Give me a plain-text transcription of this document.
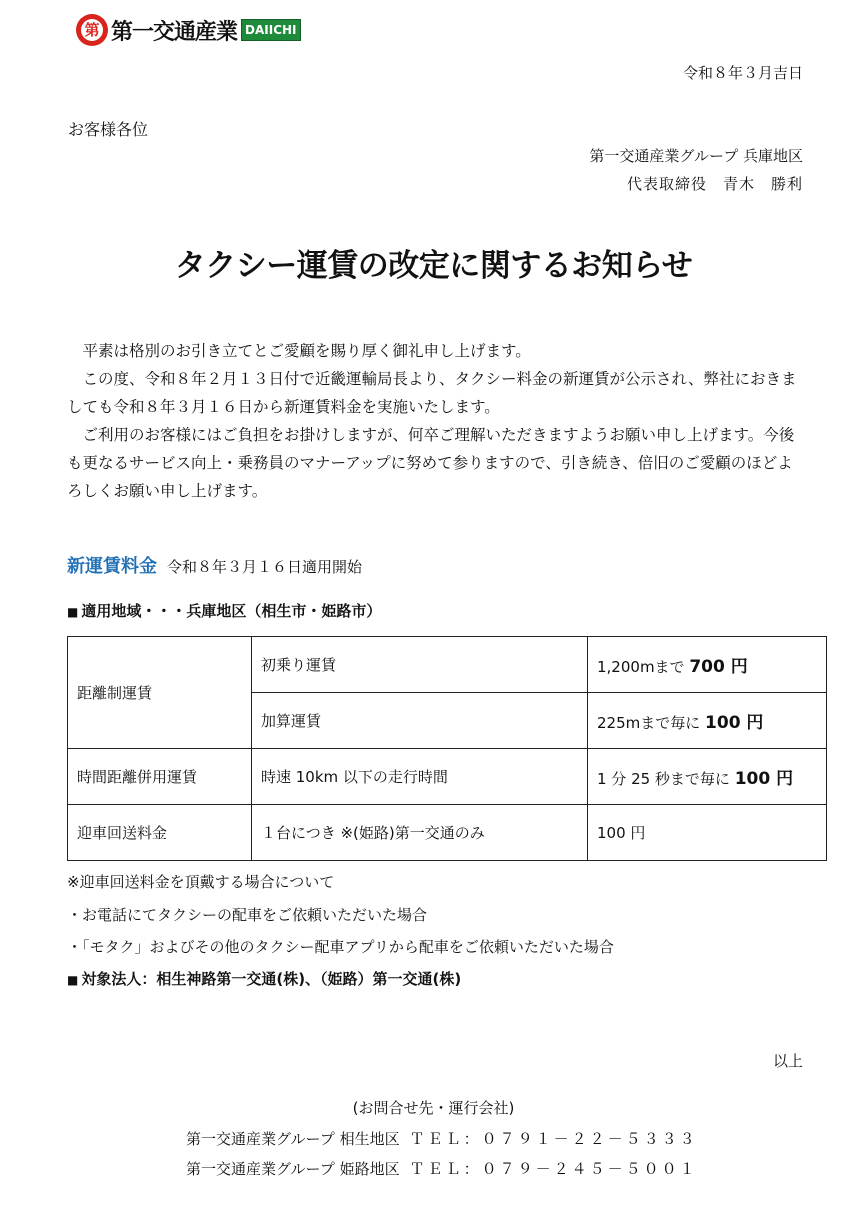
第 第一交通産業 DAIICHI
令和８年３月吉日
お客様各位
第一交通産業グループ 兵庫地区
代表取締役　青木　勝利
タクシー運賃の改定に関するお知らせ

　平素は格別のお引き立てとご愛顧を賜り厚く御礼申し上げます。

　この度、令和８年２月１３日付で近畿運輸局長より、タクシー料金の新運賃が公示され、弊社におきましても令和８年３月１６日から新運賃料金を実施いたします。

　ご利用のお客様にはご負担をお掛けしますが、何卒ご理解いただきますようお願い申し上げます。今後も更なるサービス向上・乗務員のマナーアップに努めて参りますので、引き続き、倍旧のご愛顧のほどよろしくお願い申し上げます。

新運賃料金 令和８年３月１６日適用開始
■ 適用地域・・・兵庫地区（相生市・姫路市）
距離制運賃	初乗り運賃	1,200mまで 700 円
	加算運賃	225mまで毎に 100 円
時間距離併用運賃	時速 10km 以下の走行時間	1 分 25 秒まで毎に 100 円
迎車回送料金	１台につき ※(姫路)第一交通のみ	100 円
※迎車回送料金を頂戴する場合について
・お電話にてタクシーの配車をご依頼いただいた場合
・「モタク」およびその他のタクシー配車アプリから配車をご依頼いただいた場合
■ 対象法人：相生神路第一交通(株)、（姫路）第一交通(株)
以上
(お問合せ先・運行会社)
第一交通産業グループ 相生地区 ＴＥＬ：０７９１－２２－５３３３
第一交通産業グループ 姫路地区 ＴＥＬ：０７９－２４５－５００１
